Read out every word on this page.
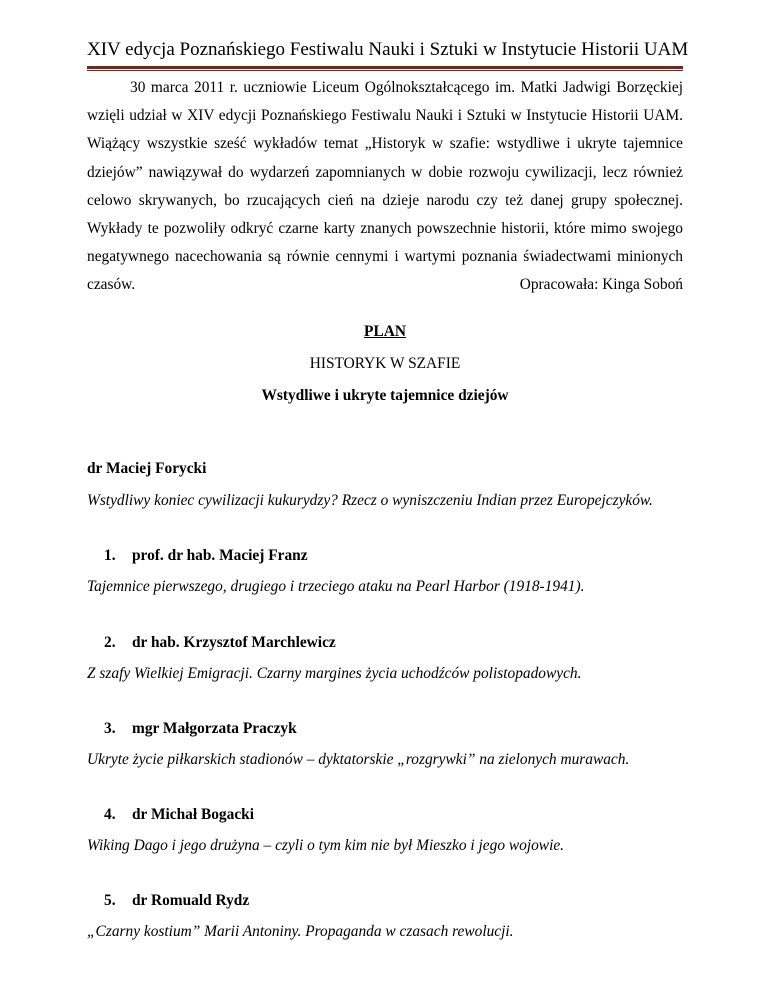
XIV edycja Poznańskiego Festiwalu Nauki i Sztuki w Instytucie Historii UAM
30 marca 2011 r. uczniowie Liceum Ogólnokształcącego im. Matki Jadwigi Borzęckiej wzięli udział w XIV edycji Poznańskiego Festiwalu Nauki i Sztuki w Instytucie Historii UAM. Wiążący wszystkie sześć wykładów temat „Historyk w szafie: wstydliwe i ukryte tajemnice dziejów” nawiązywał do wydarzeń zapomnianych w dobie rozwoju cywilizacji, lecz również celowo skrywanych, bo rzucających cień na dzieje narodu czy też danej grupy społecznej. Wykłady te pozwoliły odkryć czarne karty znanych powszechnie historii, które mimo swojego negatywnego nacechowania są równie cennymi i wartymi poznania świadectwami minionych czasów.	Opracowała: Kinga Soboń
PLAN
HISTORYK W SZAFIE
Wstydliwe i ukryte tajemnice dziejów
dr Maciej Forycki
Wstydliwy koniec cywilizacji kukurydzy? Rzecz o wyniszczeniu Indian przez Europejczyków.
1. prof. dr hab. Maciej Franz
Tajemnice pierwszego, drugiego i trzeciego ataku na Pearl Harbor (1918-1941).
2. dr hab. Krzysztof Marchlewicz
Z szafy Wielkiej Emigracji. Czarny margines życia uchodźców polistopadowych.
3. mgr Małgorzata Praczyk
Ukryte życie piłkarskich stadionów – dyktatorskie „rozgrywki” na zielonych murawach.
4. dr Michał Bogacki
Wiking Dago i jego drużyna – czyli o tym kim nie był Mieszko i jego wojowie.
5. dr Romuald Rydz
„Czarny kostium” Marii Antoniny. Propaganda w czasach rewolucji.
